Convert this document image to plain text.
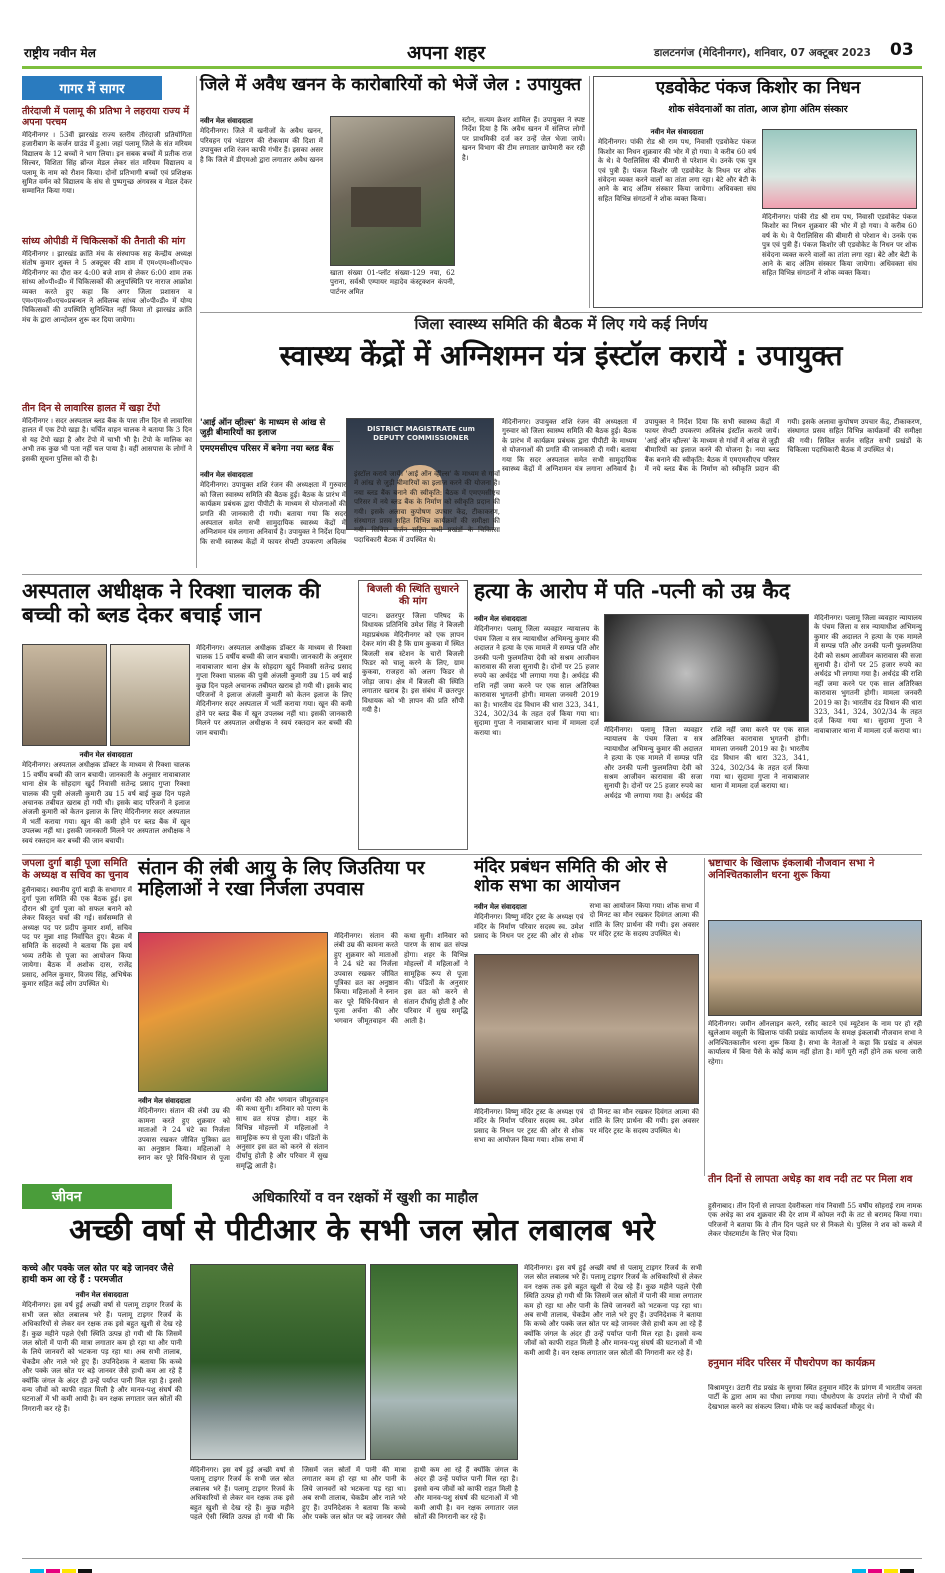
राष्ट्रीय नवीन मेल	अपना शहर	डालटनगंज (मेदिनीनगर), शनिवार, 07 अक्टूबर 2023 03
गागर में सागर
तीरंदाजी में पलामू की प्रतिभा ने लहराया राज्य में अपना परचम
मेदिनीनगर । 53वीं झारखंड राज्य स्तरीय तीरंदाजी प्रतियोगिता हजारीबाग के कर्जन ग्राउंड में हुआ। जहां पलामू जिले के संत मरियम विद्यालय के 12 बच्चों ने भाग लिया। इन सबक बच्चों में प्रतीक राज सिल्वर, विशिता सिंह ब्रॉन्ज मेडल लेकर संत मरियम विद्यालय व पलामू के नाम को रौशन किया। दोनों प्रतिभागी बच्चों एवं प्रशिक्षक सुमित वर्मन को विद्यालय के संघ से पुष्पगुच्छ अंगवस्त्र व मेडल देकर सम्मानित किया गया।
सांध्य ओपीडी में चिकित्सकों की तैनाती की मांग
मेदिनीनगर । झारखंड क्रांति मंच के संस्थापक सह केन्द्रीय अध्यक्ष संतोष कुमार शुक्ल ने 5 अक्टूबर की शाम में एम०एम०सी०एच० मेदिनीनगर का दौरा कर 4:00 बजे शाम से लेकर 6:00 शाम तक सांध्य ओ०पी०डी० में चिकित्सकों की अनुपस्थिति पर नाराज आक्रोश व्यक्त करते हुए कहा कि अगर जिला प्रशासन व एम०एम०सी०एच०प्रबन्धन ने अविलम्ब सांध्य ओ०पी०डी० में योग्य चिकित्सकों की उपस्थिति सुनिश्चित नहीं किया तो झारखंड क्रांति मंच के द्वारा आन्दोलन शुरू कर दिया जायेगा।
तीन दिन से लावारिस हालत में खड़ा टेंपो
मेदिनीनगर । सदर अस्पताल ब्लड बैंक के पास तीन दिन से लावारिस हालत में एक टेंपो खड़ा है। चर्चित वाहन चालक ने बताया कि 3 दिन से यह टेंपो खड़ा है और टेंपो में चाभी भी है। टेंपो के मालिक का अभी तक कुछ भी पता नहीं चल पाया है। वहीं आसपास के लोगों ने इसकी सूचना पुलिस को दी है।
जिले में अवैध खनन के कारोबारियों को भेजें जेल : उपायुक्त
नवीन मेल संवाददाता
मेदिनीनगर। जिले में खनीजों के अवैध खनन, परिवहन एवं भंडारण की रोकथाम की दिशा में उपायुक्त शशि रंजन काफी गंभीर हैं। इसका असर है कि जिले में डीएमओ द्वारा लगातार अवैध खनन स्टोन, सत्यम क्रेशर शामिल हैं। उपायुक्त ने स्पष्ट निर्देश दिया है कि अवैध खनन में संलिप्त लोगों पर प्राथमिकी दर्ज कर उन्हें जेल भेजा जाये। खनन विभाग की टीम लगातार छापेमारी कर रही है।
खाता संख्या 01-प्लॉट संख्या-129 नया, 62 पुराना, सर्वश्री एम्पायर महादेव कंस्ट्रक्शन कंपनी, पार्टनर अमित
एडवोकेट पंकज किशोर का निधन
शोक संवेदनाओं का तांता, आज होगा अंतिम संस्कार
नवीन मेल संवाददाता
मेदिनीनगर। पांकी रोड श्री राम पथ, निवासी एडवोकेट पंकज किशोर का निधन शुक्रवार की भोर में हो गया। वे करीब 60 वर्ष के थे। वे पैरालिसिस की बीमारी से परेशान थे। उनके एक पुत्र एवं पुत्री हैं। पंकज किशोर जी एडवोकेट के निधन पर शोक संवेदना व्यक्त करने वालों का तांता लगा रहा। बेटे और बेटी के आने के बाद अंतिम संस्कार किया जायेगा। अधिवक्ता संघ सहित विभिन्न संगठनों ने शोक व्यक्त किया।
मेदिनीनगर। पांकी रोड श्री राम पथ, निवासी एडवोकेट पंकज किशोर का निधन शुक्रवार की भोर में हो गया। वे करीब 60 वर्ष के थे। वे पैरालिसिस की बीमारी से परेशान थे। उनके एक पुत्र एवं पुत्री हैं। पंकज किशोर जी एडवोकेट के निधन पर शोक संवेदना व्यक्त करने वालों का तांता लगा रहा। बेटे और बेटी के आने के बाद अंतिम संस्कार किया जायेगा। अधिवक्ता संघ सहित विभिन्न संगठनों ने शोक व्यक्त किया।
जिला स्वास्थ्य समिति की बैठक में लिए गये कई निर्णय
स्वास्थ्य केंद्रों में अग्निशमन यंत्र इंस्टॉल करायें : उपायुक्त
'आई ऑन व्हील्स' के माध्यम से आंख से जुड़ी बीमारियों का इलाज
एमएमसीएच परिसर में बनेगा नया ब्लड बैंक
DISTRICT MAGISTRATE cum DEPUTY COMMISSIONER
नवीन मेल संवाददाता
मेदिनीनगर। उपायुक्त शशि रंजन की अध्यक्षता में गुरुवार को जिला स्वास्थ्य समिति की बैठक हुई। बैठक के प्रारंभ में कार्यक्रम प्रबंधक द्वारा पीपीटी के माध्यम से योजनाओं की प्रगति की जानकारी दी गयी। बताया गया कि सदर अस्पताल समेत सभी सामुदायिक स्वास्थ्य केंद्रों में अग्निशमन यंत्र लगाना अनिवार्य है। उपायुक्त ने निर्देश दिया कि सभी स्वास्थ्य केंद्रों में फायर सेफ्टी उपकरण अविलंब इंस्टॉल कराये जायें। 'आई ऑन व्हील्स' के माध्यम से गांवों में आंख से जुड़ी बीमारियों का इलाज करने की योजना है। नया ब्लड बैंक बनाने की स्वीकृति: बैठक में एमएमसीएच परिसर में नये ब्लड बैंक के निर्माण को स्वीकृति प्रदान की गयी। इसके अलावा कुपोषण उपचार केंद्र, टीकाकरण, संस्थागत प्रसव सहित विभिन्न कार्यक्रमों की समीक्षा की गयी। सिविल सर्जन सहित सभी प्रखंडों के चिकित्सा पदाधिकारी बैठक में उपस्थित थे।
मेदिनीनगर। उपायुक्त शशि रंजन की अध्यक्षता में गुरुवार को जिला स्वास्थ्य समिति की बैठक हुई। बैठक के प्रारंभ में कार्यक्रम प्रबंधक द्वारा पीपीटी के माध्यम से योजनाओं की प्रगति की जानकारी दी गयी। बताया गया कि सदर अस्पताल समेत सभी सामुदायिक स्वास्थ्य केंद्रों में अग्निशमन यंत्र लगाना अनिवार्य है। उपायुक्त ने निर्देश दिया कि सभी स्वास्थ्य केंद्रों में फायर सेफ्टी उपकरण अविलंब इंस्टॉल कराये जायें। 'आई ऑन व्हील्स' के माध्यम से गांवों में आंख से जुड़ी बीमारियों का इलाज करने की योजना है। नया ब्लड बैंक बनाने की स्वीकृति: बैठक में एमएमसीएच परिसर में नये ब्लड बैंक के निर्माण को स्वीकृति प्रदान की गयी। इसके अलावा कुपोषण उपचार केंद्र, टीकाकरण, संस्थागत प्रसव सहित विभिन्न कार्यक्रमों की समीक्षा की गयी। सिविल सर्जन सहित सभी प्रखंडों के चिकित्सा पदाधिकारी बैठक में उपस्थित थे।
अस्पताल अधीक्षक ने रिक्शा चालक की बच्ची को ब्लड देकर बचाई जान
नवीन मेल संवाददाता
मेदिनीनगर। अस्पताल अधीक्षक डॉक्टर के माध्यम से रिक्शा चालक 15 वर्षीय बच्ची की जान बचायी। जानकारी के अनुसार नावाबाजार थाना क्षेत्र के सोहदाग खुर्द निवासी सतेन्द्र प्रसाद गुप्ता रिक्शा चालक की पुत्री अंजली कुमारी उम्र 15 वर्ष बाई कुछ दिन पहले अचानक तबीयत खराब हो गयी थी। इसके बाद परिजनों ने इलाज अंजली कुमारी को केतन इलाज के लिए मेदिनीनगर सदर अस्पताल में भर्ती कराया गया। खून की कमी होने पर ब्लड बैंक में खून उपलब्ध नहीं था। इसकी जानकारी मिलने पर अस्पताल अधीक्षक ने स्वयं रक्तदान कर बच्ची की जान बचायी।
मेदिनीनगर। अस्पताल अधीक्षक डॉक्टर के माध्यम से रिक्शा चालक 15 वर्षीय बच्ची की जान बचायी। जानकारी के अनुसार नावाबाजार थाना क्षेत्र के सोहदाग खुर्द निवासी सतेन्द्र प्रसाद गुप्ता रिक्शा चालक की पुत्री अंजली कुमारी उम्र 15 वर्ष बाई कुछ दिन पहले अचानक तबीयत खराब हो गयी थी। इसके बाद परिजनों ने इलाज अंजली कुमारी को केतन इलाज के लिए मेदिनीनगर सदर अस्पताल में भर्ती कराया गया। खून की कमी होने पर ब्लड बैंक में खून उपलब्ध नहीं था। इसकी जानकारी मिलने पर अस्पताल अधीक्षक ने स्वयं रक्तदान कर बच्ची की जान बचायी।
बिजली की स्थिति सुधारने की मांग
पाटन। छतरपुर जिला परिषद के विधायक प्रतिनिधि उमेश सिंह ने बिजली महाप्रबंधक मेदिनीनगर को एक ज्ञापन देकर मांग की है कि ग्राम कुकवा में स्थित बिजली सब स्टेशन के चारों बिजली फिडर को चालू करने के लिए, ग्राम कुकवा, राजहरा को अलग फिडर से जोड़ा जाय। क्षेत्र में बिजली की स्थिति लगातार खराब है। इस संबंध में छतरपुर विधायक को भी ज्ञापन की प्रति सौंपी गयी है।
हत्या के आरोप में पति -पत्नी को उम्र कैद
नवीन मेल संवाददाता
मेदिनीनगर। पलामू जिला व्यवहार न्यायालय के पंचम जिला व सत्र न्यायाधीश अभिमन्यु कुमार की अदालत ने हत्या के एक मामले में सम्पन्न पति और उनकी पत्नी फुलमतिया देवी को सश्रम आजीवन कारावास की सजा सुनायी है। दोनों पर 25 हजार रुपये का अर्थदंड भी लगाया गया है। अर्थदंड की राशि नहीं जमा करने पर एक साल अतिरिक्त कारावास भुगतनी होगी। मामला जनवरी 2019 का है। भारतीय दंड विधान की धारा 323, 341, 324, 302/34 के तहत दर्ज किया गया था। सुदामा गुप्ता ने नावाबाजार थाना में मामला दर्ज कराया था।	मेदिनीनगर। पलामू जिला व्यवहार न्यायालय के पंचम जिला व सत्र न्यायाधीश अभिमन्यु कुमार की अदालत ने हत्या के एक मामले में सम्पन्न पति और उनकी पत्नी फुलमतिया देवी को सश्रम आजीवन कारावास की सजा सुनायी है। दोनों पर 25 हजार रुपये का अर्थदंड भी लगाया गया है। अर्थदंड की राशि नहीं जमा करने पर एक साल अतिरिक्त कारावास भुगतनी होगी। मामला जनवरी 2019 का है। भारतीय दंड विधान की धारा 323, 341, 324, 302/34 के तहत दर्ज किया गया था। सुदामा गुप्ता ने नावाबाजार थाना में मामला दर्ज कराया था।
मेदिनीनगर। पलामू जिला व्यवहार न्यायालय के पंचम जिला व सत्र न्यायाधीश अभिमन्यु कुमार की अदालत ने हत्या के एक मामले में सम्पन्न पति और उनकी पत्नी फुलमतिया देवी को सश्रम आजीवन कारावास की सजा सुनायी है। दोनों पर 25 हजार रुपये का अर्थदंड भी लगाया गया है। अर्थदंड की राशि नहीं जमा करने पर एक साल अतिरिक्त कारावास भुगतनी होगी। मामला जनवरी 2019 का है। भारतीय दंड विधान की धारा 323, 341, 324, 302/34 के तहत दर्ज किया गया था। सुदामा गुप्ता ने नावाबाजार थाना में मामला दर्ज कराया था।
जपला दुर्गा बाड़ी पूजा समिति के अध्यक्ष व सचिव का चुनाव
हुसैनाबाद। स्थानीय दुर्गा बाड़ी के सभागार में दुर्गा पूजा समिति की एक बैठक हुई। इस दौरान श्री दुर्गा पूजा को सफल बनाने को लेकर विस्तृत चर्चा की गई। सर्वसम्मति से अध्यक्ष पद पर प्रदीप कुमार शर्मा, सचिव पद पर मुन्ना शाह निर्वाचित हुए। बैठक में समिति के सदस्यों ने बताया कि इस वर्ष भव्य तरीके से पूजा का आयोजन किया जायेगा। बैठक में अशोक दास, राजेंद्र प्रसाद, अनिल कुमार, विजय सिंह, अभिषेक कुमार सहित कई लोग उपस्थित थे।
संतान की लंबी आयु के लिए जिउतिया पर महिलाओं ने रखा निर्जला उपवास
नवीन मेल संवाददाता
मेदिनीनगर। संतान की लंबी उम्र की कामना करते हुए शुक्रवार को माताओं ने 24 घंटे का निर्जला उपवास रखकर जीवित पुत्रिका व्रत का अनुष्ठान किया। महिलाओं ने स्नान कर पूरे विधि-विधान से पूजा अर्चना की और भगवान जीमूतवाहन की कथा सुनी। शनिवार को पारण के साथ व्रत संपन्न होगा। शहर के विभिन्न मोहल्लों में महिलाओं ने सामूहिक रूप से पूजा की। पंडितों के अनुसार इस व्रत को करने से संतान दीर्घायु होती है और परिवार में सुख समृद्धि आती है।
मेदिनीनगर। संतान की लंबी उम्र की कामना करते हुए शुक्रवार को माताओं ने 24 घंटे का निर्जला उपवास रखकर जीवित पुत्रिका व्रत का अनुष्ठान किया। महिलाओं ने स्नान कर पूरे विधि-विधान से पूजा अर्चना की और भगवान जीमूतवाहन की कथा सुनी। शनिवार को पारण के साथ व्रत संपन्न होगा। शहर के विभिन्न मोहल्लों में महिलाओं ने सामूहिक रूप से पूजा की। पंडितों के अनुसार इस व्रत को करने से संतान दीर्घायु होती है और परिवार में सुख समृद्धि आती है।
मंदिर प्रबंधन समिति की ओर से शोक सभा का आयोजन
नवीन मेल संवाददाता
मेदिनीनगर। विष्णु मंदिर ट्रस्ट के अध्यक्ष एवं मंदिर के निर्माण परिवार सदस्य स्व. उमेश प्रसाद के निधन पर ट्रस्ट की ओर से शोक सभा का आयोजन किया गया। शोक सभा में दो मिनट का मौन रखकर दिवंगत आत्मा की शांति के लिए प्रार्थना की गयी। इस अवसर पर मंदिर ट्रस्ट के सदस्य उपस्थित थे।
मेदिनीनगर। विष्णु मंदिर ट्रस्ट के अध्यक्ष एवं मंदिर के निर्माण परिवार सदस्य स्व. उमेश प्रसाद के निधन पर ट्रस्ट की ओर से शोक सभा का आयोजन किया गया। शोक सभा में दो मिनट का मौन रखकर दिवंगत आत्मा की शांति के लिए प्रार्थना की गयी। इस अवसर पर मंदिर ट्रस्ट के सदस्य उपस्थित थे।
भ्रष्टाचार के खिलाफ इंकलाबी नौजवान सभा ने अनिश्चितकालीन धरना शुरू किया
मेदिनीनगर। जमीन ऑनलाइन करने, रसीद काटने एवं म्यूटेशन के नाम पर हो रही खुलेआम वसूली के खिलाफ पांकी प्रखंड कार्यालय के समक्ष इंकलाबी नौजवान सभा ने अनिश्चितकालीन धरना शुरू किया है। सभा के नेताओं ने कहा कि प्रखंड व अंचल कार्यालय में बिना पैसे के कोई काम नहीं होता है। मांगें पूरी नहीं होने तक धरना जारी रहेगा।
तीन दिनों से लापता अधेड़ का शव नदी तट पर मिला शव
हुसैनाबाद। तीन दिनों से लापता देवरीकला गांव निवासी 55 वर्षीय सोहराई राम नामक एक अधेड़ का शव शुक्रवार की देर शाम में कोयल नदी के तट से बरामद किया गया। परिजनों ने बताया कि वे तीन दिन पहले घर से निकले थे। पुलिस ने शव को कब्जे में लेकर पोस्टमार्टम के लिए भेज दिया।
हनुमान मंदिर परिसर में पौधरोपण का कार्यक्रम
विश्रामपुर। उंटारी रोड प्रखंड के सुगवा स्थित हनुमान मंदिर के प्रांगण में भारतीय जनता पार्टी के द्वारा आम का पौधा लगाया गया। पौधरोपण के उपरांत लोगों ने पौधों की देखभाल करने का संकल्प लिया। मौके पर कई कार्यकर्ता मौजूद थे।
जीवन	अधिकारियों व वन रक्षकों में खुशी का माहौल
अच्छी वर्षा से पीटीआर के सभी जल स्रोत लबालब भरे
कच्चे और पक्के जल स्रोत पर बड़े जानवर जैसे हाथी कम आ रहे हैं : परमजीत
नवीन मेल संवाददाता
मेदिनीनगर। इस वर्ष हुई अच्छी वर्षा से पलामू टाइगर रिजर्व के सभी जल स्रोत लबालब भरे हैं। पलामू टाइगर रिजर्व के अधिकारियों से लेकर वन रक्षक तक इसे बहुत खुशी से देख रहे हैं। कुछ महीने पहले ऐसी स्थिति उत्पन्न हो गयी थी कि जिसमें जल स्रोतों में पानी की मात्रा लगातार कम हो रहा था और पानी के लिये जानवरों को भटकना पड़ रहा था। अब सभी तालाब, चेकडैम और नाले भरे हुए हैं। उपनिदेशक ने बताया कि कच्चे और पक्के जल स्रोत पर बड़े जानवर जैसे हाथी कम आ रहे हैं क्योंकि जंगल के अंदर ही उन्हें पर्याप्त पानी मिल रहा है। इससे वन्य जीवों को काफी राहत मिली है और मानव-पशु संघर्ष की घटनाओं में भी कमी आयी है। वन रक्षक लगातार जल स्रोतों की निगरानी कर रहे हैं।
मेदिनीनगर। इस वर्ष हुई अच्छी वर्षा से पलामू टाइगर रिजर्व के सभी जल स्रोत लबालब भरे हैं। पलामू टाइगर रिजर्व के अधिकारियों से लेकर वन रक्षक तक इसे बहुत खुशी से देख रहे हैं। कुछ महीने पहले ऐसी स्थिति उत्पन्न हो गयी थी कि जिसमें जल स्रोतों में पानी की मात्रा लगातार कम हो रहा था और पानी के लिये जानवरों को भटकना पड़ रहा था। अब सभी तालाब, चेकडैम और नाले भरे हुए हैं। उपनिदेशक ने बताया कि कच्चे और पक्के जल स्रोत पर बड़े जानवर जैसे हाथी कम आ रहे हैं क्योंकि जंगल के अंदर ही उन्हें पर्याप्त पानी मिल रहा है। इससे वन्य जीवों को काफी राहत मिली है और मानव-पशु संघर्ष की घटनाओं में भी कमी आयी है। वन रक्षक लगातार जल स्रोतों की निगरानी कर रहे हैं।
मेदिनीनगर। इस वर्ष हुई अच्छी वर्षा से पलामू टाइगर रिजर्व के सभी जल स्रोत लबालब भरे हैं। पलामू टाइगर रिजर्व के अधिकारियों से लेकर वन रक्षक तक इसे बहुत खुशी से देख रहे हैं। कुछ महीने पहले ऐसी स्थिति उत्पन्न हो गयी थी कि जिसमें जल स्रोतों में पानी की मात्रा लगातार कम हो रहा था और पानी के लिये जानवरों को भटकना पड़ रहा था। अब सभी तालाब, चेकडैम और नाले भरे हुए हैं। उपनिदेशक ने बताया कि कच्चे और पक्के जल स्रोत पर बड़े जानवर जैसे हाथी कम आ रहे हैं क्योंकि जंगल के अंदर ही उन्हें पर्याप्त पानी मिल रहा है। इससे वन्य जीवों को काफी राहत मिली है और मानव-पशु संघर्ष की घटनाओं में भी कमी आयी है। वन रक्षक लगातार जल स्रोतों की निगरानी कर रहे हैं।
